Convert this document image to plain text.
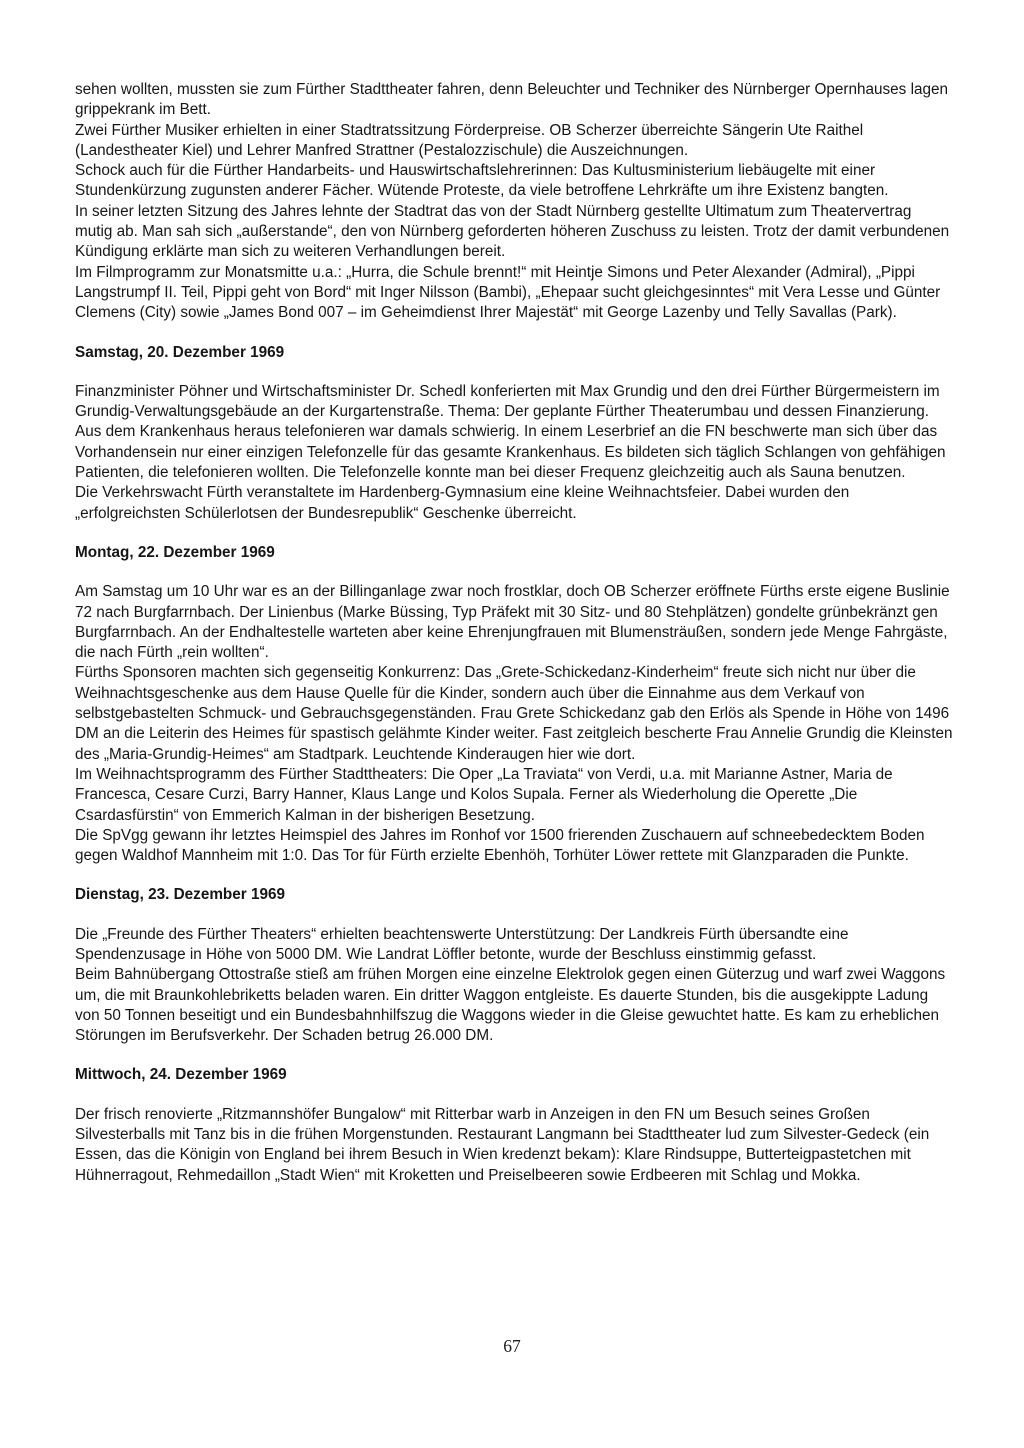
sehen wollten, mussten sie zum Fürther Stadttheater fahren, denn Beleuchter und Techniker des Nürnberger Opernhauses lagen grippekrank im Bett.
Zwei Fürther Musiker erhielten in einer Stadtratssitzung Förderpreise. OB Scherzer überreichte Sängerin Ute Raithel (Landestheater Kiel) und Lehrer Manfred Strattner (Pestalozzischule) die Auszeichnungen.
Schock auch für die Fürther Handarbeits- und Hauswirtschaftslehrerinnen: Das Kultusministerium liebäugelte mit einer Stundenkürzung zugunsten anderer Fächer. Wütende Proteste, da viele betroffene Lehrkräfte um ihre Existenz bangten.
In seiner letzten Sitzung des Jahres lehnte der Stadtrat das von der Stadt Nürnberg gestellte Ultimatum zum Theatervertrag mutig ab. Man sah sich „außerstande“, den von Nürnberg geforderten höheren Zuschuss zu leisten. Trotz der damit verbundenen Kündigung erklärte man sich zu weiteren Verhandlungen bereit.
Im Filmprogramm zur Monatsmitte u.a.: „Hurra, die Schule brennt!“ mit Heintje Simons und Peter Alexander (Admiral), „Pippi Langstrumpf II. Teil, Pippi geht von Bord“ mit Inger Nilsson (Bambi), „Ehepaar sucht gleichgesinntes“ mit Vera Lesse und Günter Clemens (City) sowie „James Bond 007 – im Geheimdienst Ihrer Majestät“ mit George Lazenby und Telly Savallas (Park).
Samstag, 20. Dezember 1969
Finanzminister Pöhner und Wirtschaftsminister Dr. Schedl konferierten mit Max Grundig und den drei Fürther Bürgermeistern im Grundig-Verwaltungsgebäude an der Kurgartenstraße. Thema: Der geplante Fürther Theaterumbau und dessen Finanzierung.
Aus dem Krankenhaus heraus telefonieren war damals schwierig. In einem Leserbrief an die FN beschwerte man sich über das Vorhandensein nur einer einzigen Telefonzelle für das gesamte Krankenhaus. Es bildeten sich täglich Schlangen von gehfähigen Patienten, die telefonieren wollten. Die Telefonzelle konnte man bei dieser Frequenz gleichzeitig auch als Sauna benutzen.
Die Verkehrswacht Fürth veranstaltete im Hardenberg-Gymnasium eine kleine Weihnachtsfeier. Dabei wurden den „erfolgreichsten Schülerlotsen der Bundesrepublik“ Geschenke überreicht.
Montag, 22. Dezember 1969
Am Samstag um 10 Uhr war es an der Billinganlage zwar noch frostklar, doch OB Scherzer eröffnete Fürths erste eigene Buslinie 72 nach Burgfarrnbach. Der Linienbus (Marke Büssing, Typ Präfekt mit 30 Sitz- und 80 Stehplätzen) gondelte grünbekränzt gen Burgfarrnbach. An der Endhaltestelle warteten aber keine Ehrenjungfrauen mit Blumensträußen, sondern jede Menge Fahrgäste, die nach Fürth „rein wollten“.
Fürths Sponsoren machten sich gegenseitig Konkurrenz: Das „Grete-Schickedanz-Kinderheim“ freute sich nicht nur über die Weihnachtsgeschenke aus dem Hause Quelle für die Kinder, sondern auch über die Einnahme aus dem Verkauf von selbstgebastelten Schmuck- und Gebrauchsgegenständen. Frau Grete Schickedanz gab den Erlös als Spende in Höhe von 1496 DM an die Leiterin des Heimes für spastisch gelähmte Kinder weiter. Fast zeitgleich bescherte Frau Annelie Grundig die Kleinsten des „Maria-Grundig-Heimes“ am Stadtpark. Leuchtende Kinderaugen hier wie dort.
Im Weihnachtsprogramm des Fürther Stadttheaters: Die Oper „La Traviata“ von Verdi, u.a. mit Marianne Astner, Maria de Francesca, Cesare Curzi, Barry Hanner, Klaus Lange und Kolos Supala. Ferner als Wiederholung die Operette „Die Csardasfürstin“ von Emmerich Kalman in der bisherigen Besetzung.
Die SpVgg gewann ihr letztes Heimspiel des Jahres im Ronhof vor 1500 frierenden Zuschauern auf schneebedecktem Boden gegen Waldhof Mannheim mit 1:0. Das Tor für Fürth erzielte Ebenhöh, Torhüter Löwer rettete mit Glanzparaden die Punkte.
Dienstag, 23. Dezember 1969
Die „Freunde des Fürther Theaters“ erhielten beachtenswerte Unterstützung: Der Landkreis Fürth übersandte eine Spendenzusage in Höhe von 5000 DM. Wie Landrat Löffler betonte, wurde der Beschluss einstimmig gefasst.
Beim Bahnübergang Ottostraße stieß am frühen Morgen eine einzelne Elektrolok gegen einen Güterzug und warf zwei Waggons um, die mit Braunkohlebriketts beladen waren. Ein dritter Waggon entgleiste. Es dauerte Stunden, bis die ausgekippte Ladung von 50 Tonnen beseitigt und ein Bundesbahnhilfszug die Waggons wieder in die Gleise gewuchtet hatte. Es kam zu erheblichen Störungen im Berufsverkehr. Der Schaden betrug 26.000 DM.
Mittwoch, 24. Dezember 1969
Der frisch renovierte „Ritzmannshöfer Bungalow“ mit Ritterbar warb in Anzeigen in den FN um Besuch seines Großen Silvesterballs mit Tanz bis in die frühen Morgenstunden. Restaurant Langmann bei Stadttheater lud zum Silvester-Gedeck (ein Essen, das die Königin von England bei ihrem Besuch in Wien kredenzt bekam): Klare Rindsuppe, Butterteigpastetchen mit Hühnerragout, Rehmedaillon „Stadt Wien“ mit Kroketten und Preiselbeeren sowie Erdbeeren mit Schlag und Mokka.
67
